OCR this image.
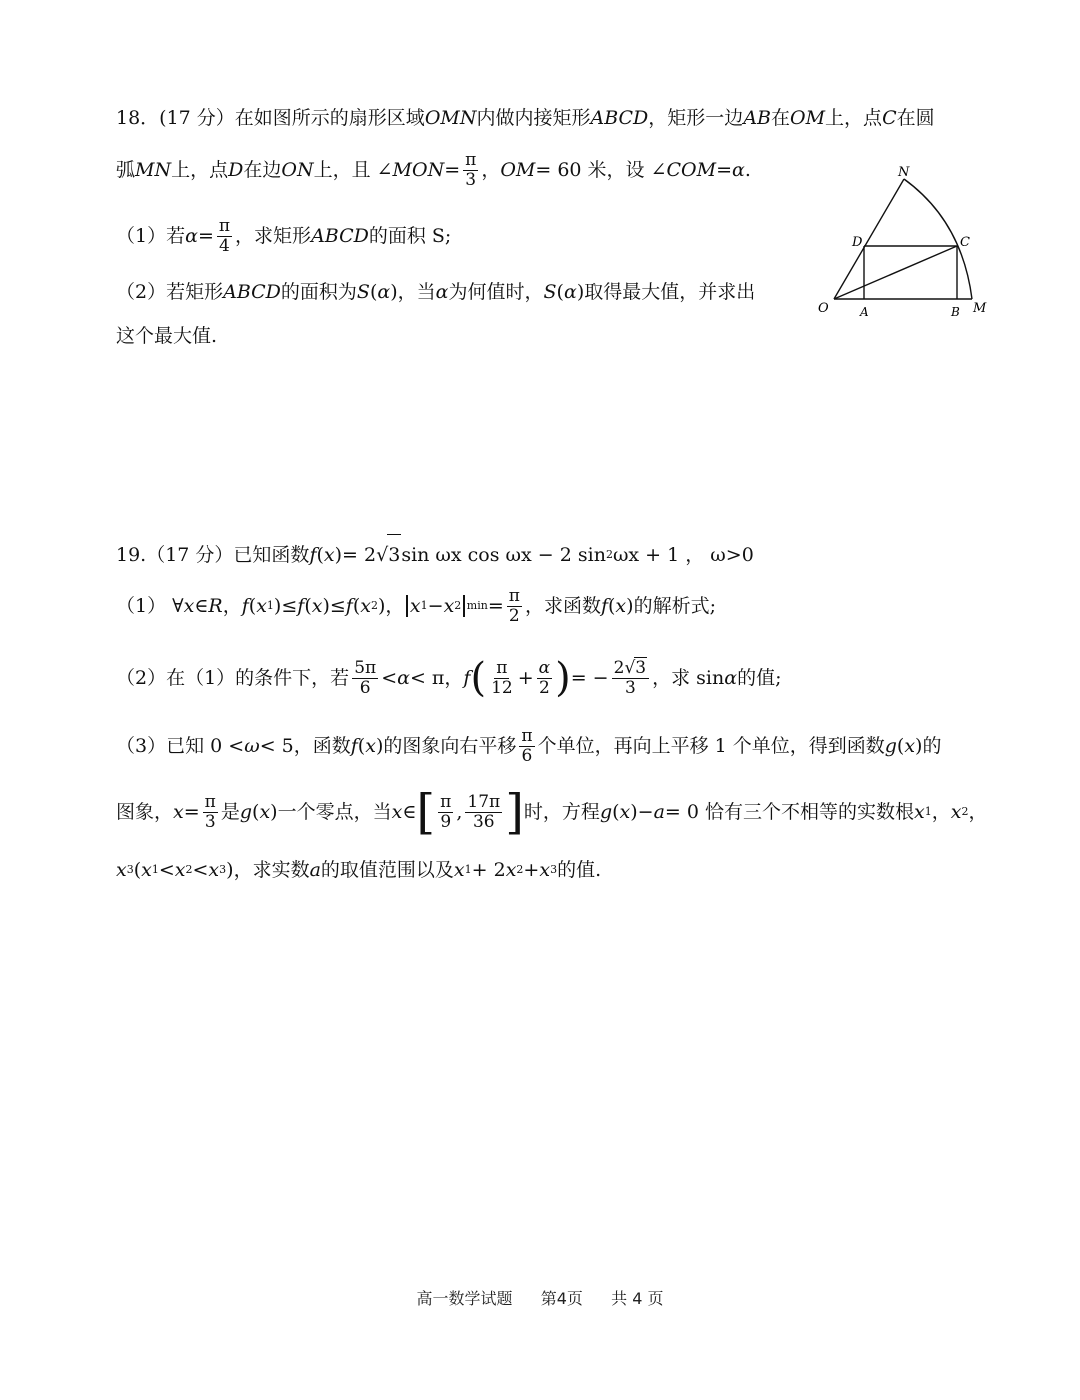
18．(17 分）在如图所示的扇形区域 OMN 内做内接矩形 ABCD ，矩形一边 AB 在 OM 上，点 C 在圆
弧 MN 上，点 D 在边 ON 上，且 ∠ MON = $\frac{\pi}{3}$ ， OM = 60 米，设 ∠ COM = α .
（1）若 $\alpha = \frac{\pi}{4}$ ，求矩形 ABCD 的面积 S;
（2）若矩形 ABCD 的面积为 S ( α ) ，当 α 为何值时， S ( α ) 取得最大值，并求出
这个最大值.
N
D	C
O	A	B M
19.（17 分）已知函数 f ( x ) = 2 √ 3 sin ωx cos ωx − 2 sin 2 ωx + 1 ， ω>0
（1） ∀ x ∈ R ， f ( x 1 ) ≤ f ( x ) ≤ f ( x 2 ) ， x 1 − x 2 $\min = \frac{\pi}{2}$ ，求函数 f ( x ) 的解析式;
（2）在（1）的条件下，若 $\frac{5\pi}{6} < \alpha < \pi$， f ( $\frac{\pi}{12} + \frac{\alpha}{2}$ ) = − $\frac{2√3}{3}$ ，求 sin α 的值;
（3）已知 0 < ω < 5，函数 f ( x ) 的图象向右平移 $\frac{\pi}{6}$ 个单位，再向上平移 1 个单位，得到函数 g ( x ) 的
图象， $x = \frac{\pi}{3}$ 是 g ( x ) 一个零点，当 x ∈ [ $\frac{\pi}{9}$ , $\frac{17\pi}{36}$ ] 时，方程 g ( x ) − a = 0 恰有三个不相等的实数根 x 1 ， x 2 ，
x 3 ( x 1 < x 2 < x 3 ) ，求实数 a 的取值范围以及 x 1 + 2 x 2 + x 3 的值.
高一数学试题 第4页 共 4 页
